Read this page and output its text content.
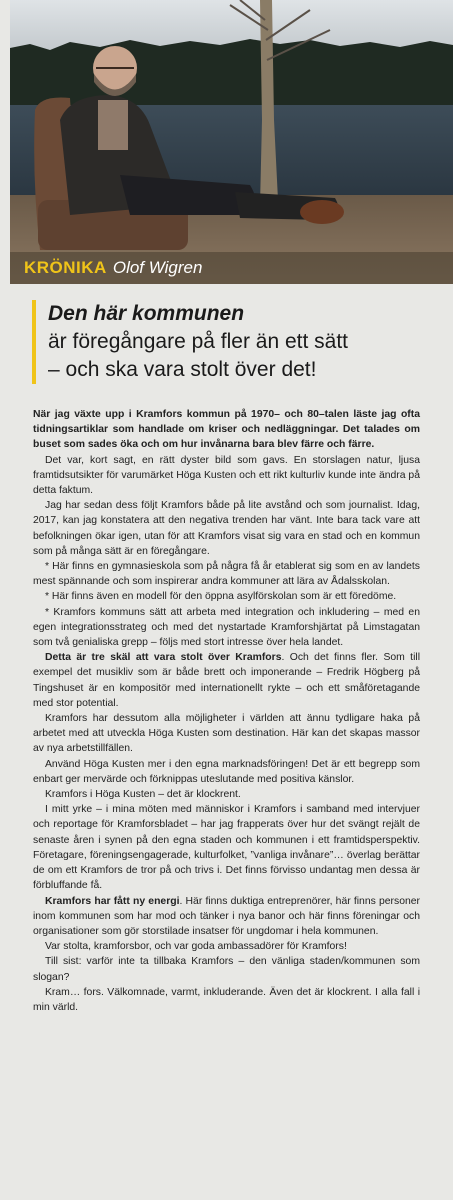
KRÖNIKA Olof Wigren
Den här kommunen
är föregångare på fler än ett sätt
– och ska vara stolt över det!

När jag växte upp i Kramfors kommun på 1970– och 80–talen läste jag ofta tidningsartiklar som handlade om kriser och nedläggningar. Det talades om buset som sades öka och om hur invånarna bara blev färre och färre.

Det var, kort sagt, en rätt dyster bild som gavs. En storslagen natur, ljusa framtidsutsikter för varumärket Höga Kusten och ett rikt kulturliv kunde inte ändra på detta faktum.

Jag har sedan dess följt Kramfors både på lite avstånd och som journalist. Idag, 2017, kan jag konstatera att den negativa trenden har vänt. Inte bara tack vare att befolkningen ökar igen, utan för att Kramfors visat sig vara en stad och en kommun som på många sätt är en föregångare.

* Här finns en gymnasieskola som på några få år etablerat sig som en av landets mest spännande och som inspirerar andra kommuner att lära av Ådalsskolan.

* Här finns även en modell för den öppna asylförskolan som är ett föredöme.

* Kramfors kommuns sätt att arbeta med integration och inkludering – med en egen integrationsstrateg och med det nystartade Kramforshjärtat på Limstagatan som två genialiska grepp – följs med stort intresse över hela landet.

Detta är tre skäl att vara stolt över Kramfors. Och det finns fler. Som till exempel det musikliv som är både brett och imponerande – Fredrik Högberg på Tingshuset är en kompositör med internationellt rykte – och ett småföretagande med stor potential.

Kramfors har dessutom alla möjligheter i världen att ännu tydligare haka på arbetet med att utveckla Höga Kusten som destination. Här kan det skapas massor av nya arbetstillfällen.

Använd Höga Kusten mer i den egna marknadsföringen! Det är ett begrepp som enbart ger mervärde och förknippas uteslutande med positiva känslor.

Kramfors i Höga Kusten – det är klockrent.

I mitt yrke – i mina möten med människor i Kramfors i samband med intervjuer och reportage för Kramforsbladet – har jag frapperats över hur det svängt rejält de senaste åren i synen på den egna staden och kommunen i ett framtidsperspektiv. Företagare, föreningsengagerade, kulturfolket, ”vanliga invånare”… överlag berättar de om ett Kramfors de tror på och trivs i. Det finns förvisso undantag men dessa är förbluffande få.

Kramfors har fått ny energi. Här finns duktiga entreprenörer, här finns personer inom kommunen som har mod och tänker i nya banor och här finns föreningar och organisationer som gör storstilade insatser för ungdomar i hela kommunen.

Var stolta, kramforsbor, och var goda ambassadörer för Kramfors!

Till sist: varför inte ta tillbaka Kramfors – den vänliga staden/kommunen som slogan?

Kram… fors. Välkomnade, varmt, inkluderande. Även det är klockrent. I alla fall i min värld.
